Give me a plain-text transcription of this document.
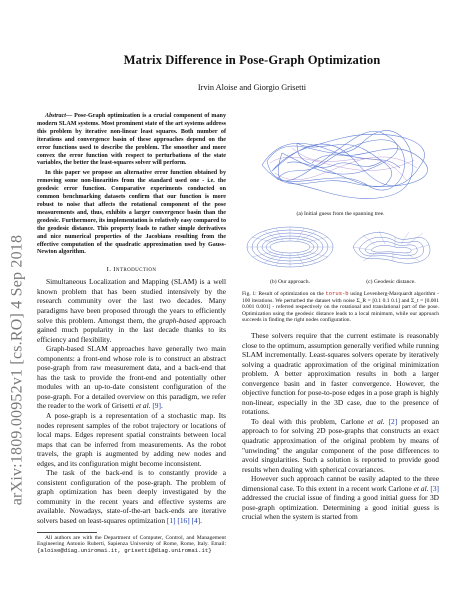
arXiv:1809.00952v1 [cs.RO] 4 Sep 2018
Matrix Difference in Pose-Graph Optimization
Irvin Aloise and Giorgio Grisetti

Abstract— Pose-Graph optimization is a crucial component of many modern SLAM systems. Most prominent state of the art systems address this problem by iterative non-linear least squares. Both number of iterations and convergence basin of these approaches depend on the error functions used to describe the problem. The smoother and more convex the error function with respect to perturbations of the state variables, the better the least-squares solver will perform.

In this paper we propose an alternative error function obtained by removing some non-linearities from the standard used one - i.e. the geodesic error function. Comparative experiments conducted on common benchmarking datasets confirm that our function is more robust to noise that affects the rotational component of the pose measurements and, thus, exhibits a larger convergence basin than the geodesic. Furthermore, its implementation is relatively easy compared to the geodesic distance. This property leads to rather simple derivatives and nice numerical properties of the Jacobians resulting from the effective computation of the quadratic approximation used by Gauss-Newton algorithm.

I. Introduction

Simultaneous Localization and Mapping (SLAM) is a well known problem that has been studied intensively by the research community over the last two decades. Many paradigms have been proposed through the years to efficiently solve this problem. Amongst them, the graph-based approach gained much popularity in the last decade thanks to its efficiency and flexibility.

Graph-based SLAM approaches have generally two main components: a front-end whose role is to construct an abstract pose-graph from raw measurement data, and a back-end that has the task to provide the front-end and potentially other modules with an up-to-date consistent configuration of the pose-graph. For a detailed overview on this paradigm, we refer the reader to the work of Grisetti et al. [9].

A pose-graph is a representation of a stochastic map. Its nodes represent samples of the robot trajectory or locations of local maps. Edges represent spatial constraints between local maps that can be inferred from measurements. As the robot travels, the graph is augmented by adding new nodes and edges, and its configuration might become inconsistent.

The task of the back-end is to constantly provide a consistent configuration of the pose-graph. The problem of graph optimization has been deeply investigated by the community in the recent years and effective systems are available. Nowadays, state-of-the-art back-ends are iterative solvers based on least-squares optimization [1] [16] [4].

All authors are with the Department of Computer, Control, and Management Engineering Antonio Ruberti, Sapienza University of Rome, Rome, Italy. Email: {aloise@diag.uniroma1.it, grisetti@diag.uniroma1.it}

(a) Initial guess from the spanning tree.
(b) Our approach.	(c) Geodesic distance.

Fig. 1: Result of optimization on the torus-b using Levenberg-Marquardt algorithm - 100 iterations. We perturbed the dataset with noise Σ_R = [0.1 0.1 0.1] and Σ_t = [0.001 0.001 0.001] - referred respectively on the rotational and translational part of the pose. Optimization using the geodesic distance leads to a local minimum, while our approach succeeds in finding the right nodes configuration.

These solvers require that the current estimate is reasonably close to the optimum, assumption generally verified while running SLAM incrementally. Least-squares solvers operate by iteratively solving a quadratic approximation of the original minimization problem. A better approximation results in both a larger convergence basin and in faster convergence. However, the objective function for pose-to-pose edges in a pose graph is highly non-linear, especially in the 3D case, due to the presence of rotations.

To deal with this problem, Carlone et al. [2] proposed an approach to for solving 2D pose-graphs that constructs an exact quadratic approximation of the original problem by means of "unwinding" the angular component of the pose differences to avoid singularities. Such a solution is reported to provide good results when dealing with spherical covariances.

However such approach cannot be easily adapted to the three dimensional case. To this extent in a recent work Carlone et al. [3] addressed the crucial issue of finding a good initial guess for 3D pose-graph optimization. Determining a good initial guess is crucial when the system is started from
